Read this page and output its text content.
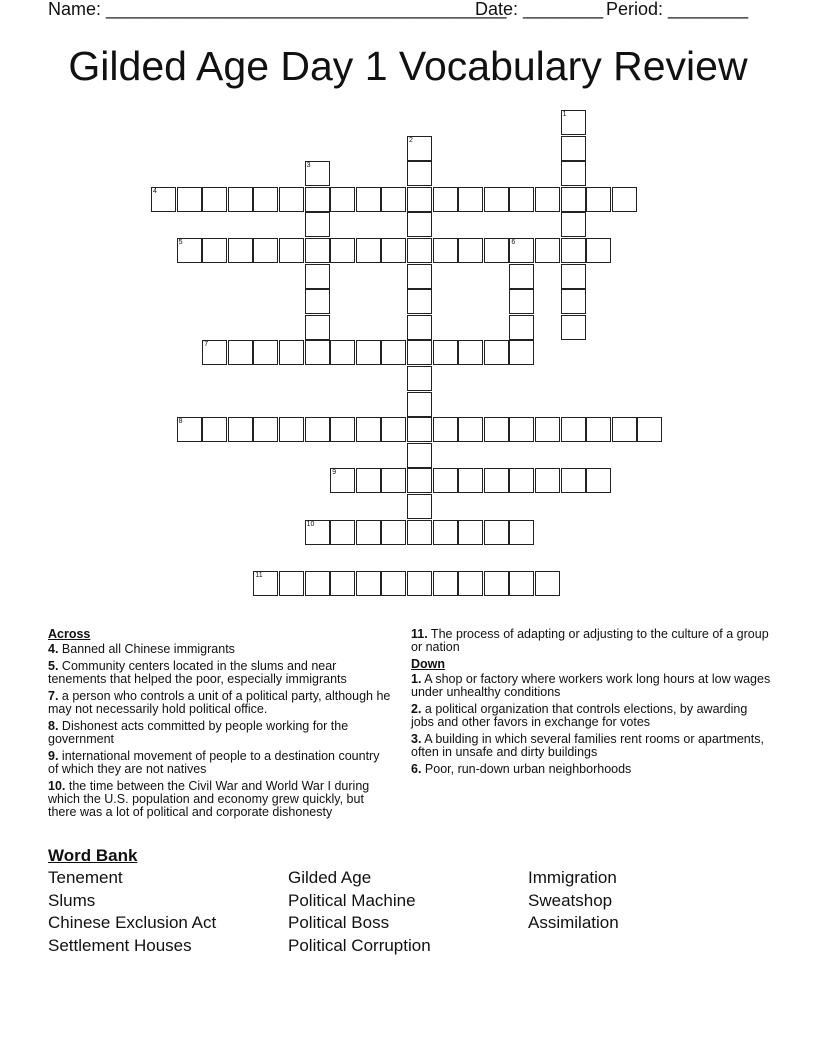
Name: ________________________________________
Date: ________ Period: ________
Gilded Age Day 1 Vocabulary Review
1
2
3
4
5	6
7
8
9
10
11
Across
4. Banned all Chinese immigrants
5. Community centers located in the slums and near tenements that helped the poor, especially immigrants
7. a person who controls a unit of a political party, although he may not necessarily hold political office.
8. Dishonest acts committed by people working for the government
9. international movement of people to a destination country of which they are not natives
10. the time between the Civil War and World War I during which the U.S. population and economy grew quickly, but there was a lot of political and corporate dishonesty
11. The process of adapting or adjusting to the culture of a group or nation
Down
1. A shop or factory where workers work long hours at low wages under unhealthy conditions
2. a political organization that controls elections, by awarding jobs and other favors in exchange for votes
3. A building in which several families rent rooms or apartments, often in unsafe and dirty buildings
6. Poor, run-down urban neighborhoods
Word Bank
Tenement
Slums
Chinese Exclusion Act
Settlement Houses
Gilded Age
Political Machine
Political Boss
Political Corruption
Immigration
Sweatshop
Assimilation
